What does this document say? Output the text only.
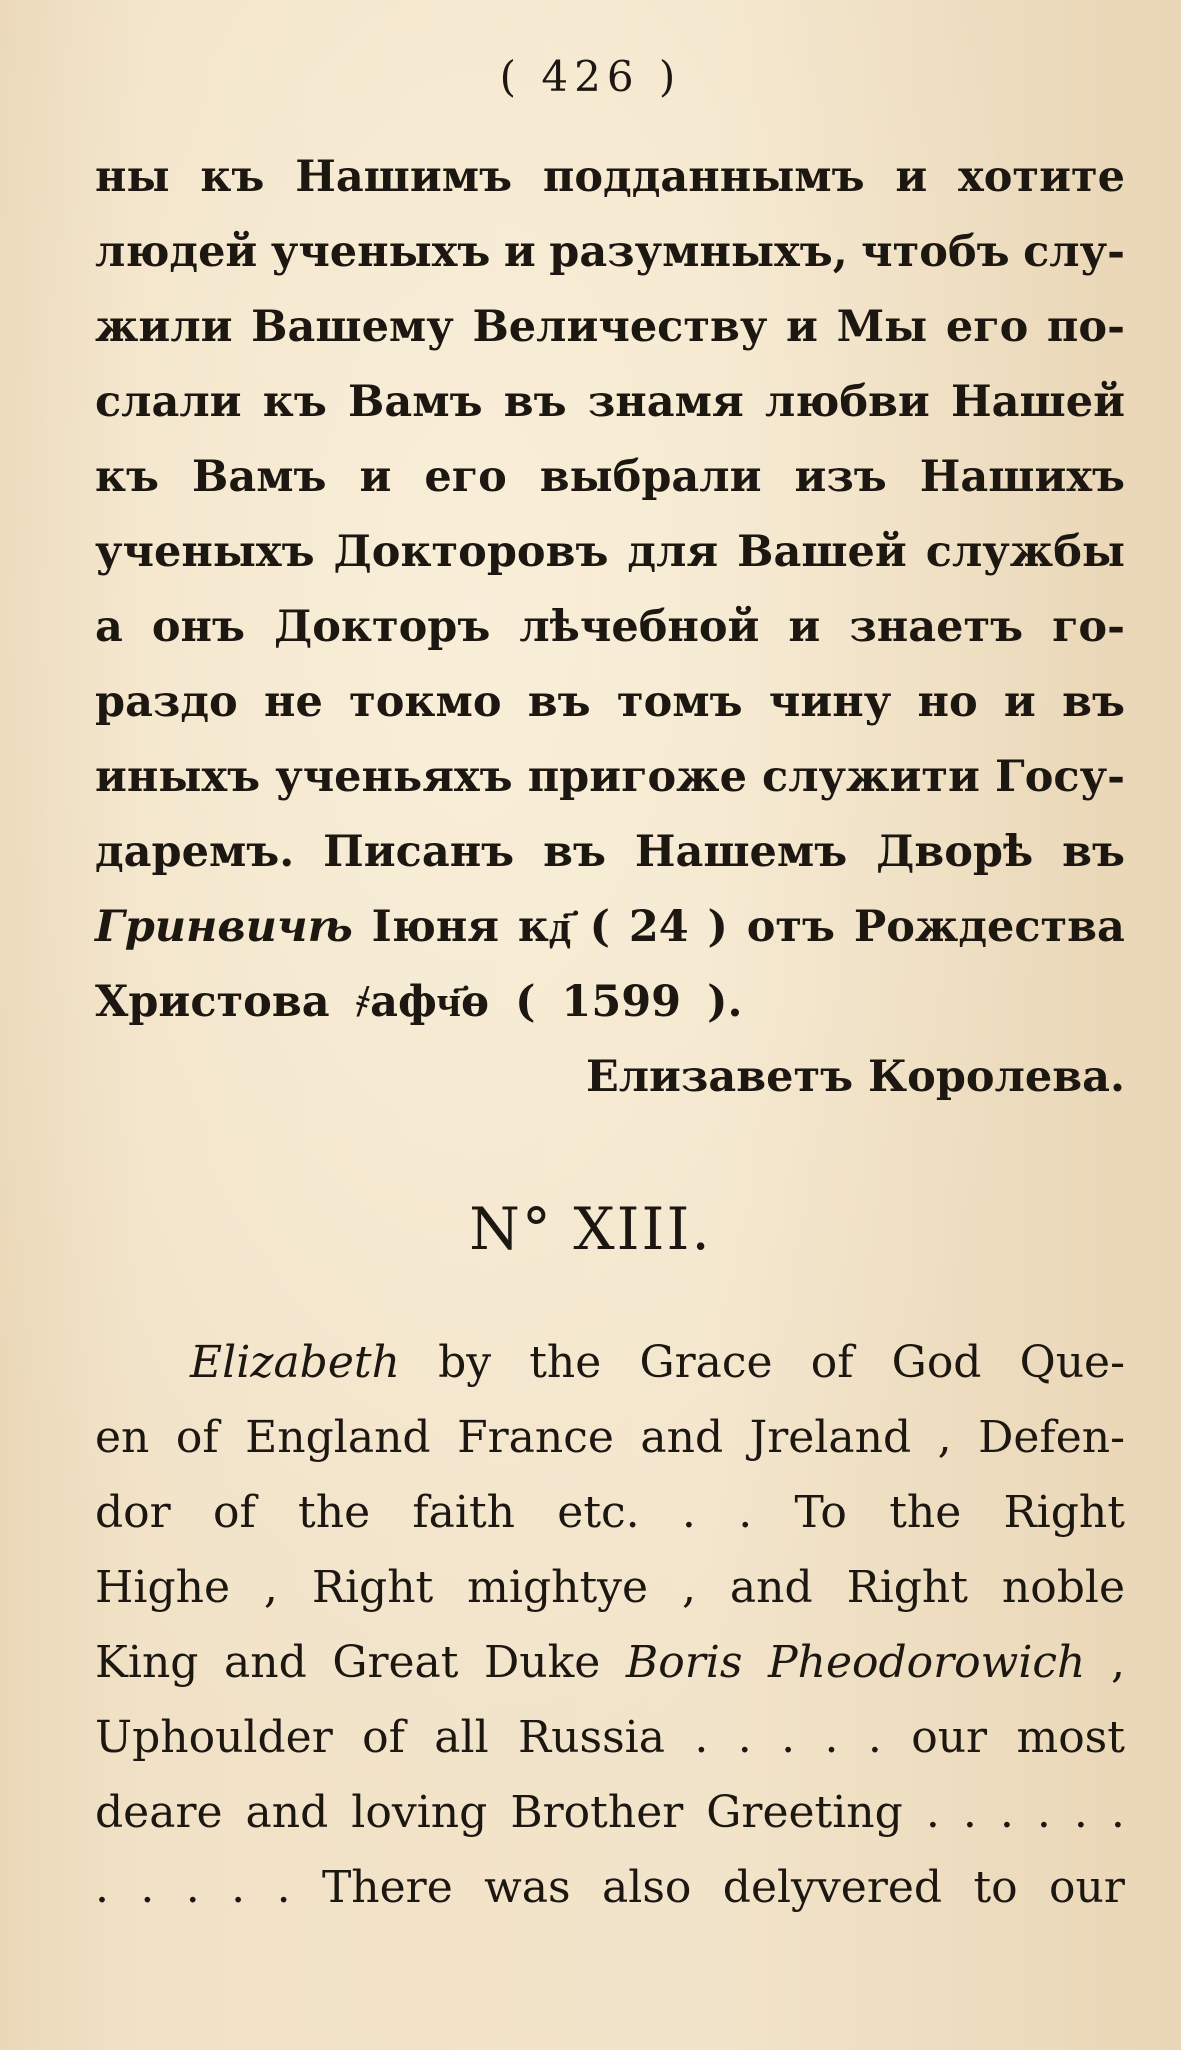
( 426 )
ны къ Нашимъ подданнымъ и хотите
людей ученыхъ и разумныхъ, чтобъ слу-
жили Вашему Величеству и Мы его по-
слали къ Вамъ въ знамя любви Нашей
къ Вамъ и его выбрали изъ Нашихъ
ученыхъ Докторовъ для Вашей службы
а онъ Докторъ лѣчебной и знаетъ го-
раздо не токмо въ томъ чину но и въ
иныхъ ученьяхъ пригоже служити Госу-
даремъ. Писанъ въ Нашемъ Дворѣ въ
Гринвичѣ Iюня кд҃ ( 24 ) отъ Рождества
Христова ҂афч҃ѳ ( 1599 ).
Елизаветъ Королева.
N° XIII.
Elizabeth by the Grace of God Que-
en of England France and Jreland , Defen-
dor of the faith etc. . . To the Right
Highe , Right mightye , and Right noble
King and Great Duke Boris Pheodorowich ,
Uphoulder of all Russia . . . . . our most
deare and loving Brother Greeting . . . . . .
. . . . . There was also delyvered to our
